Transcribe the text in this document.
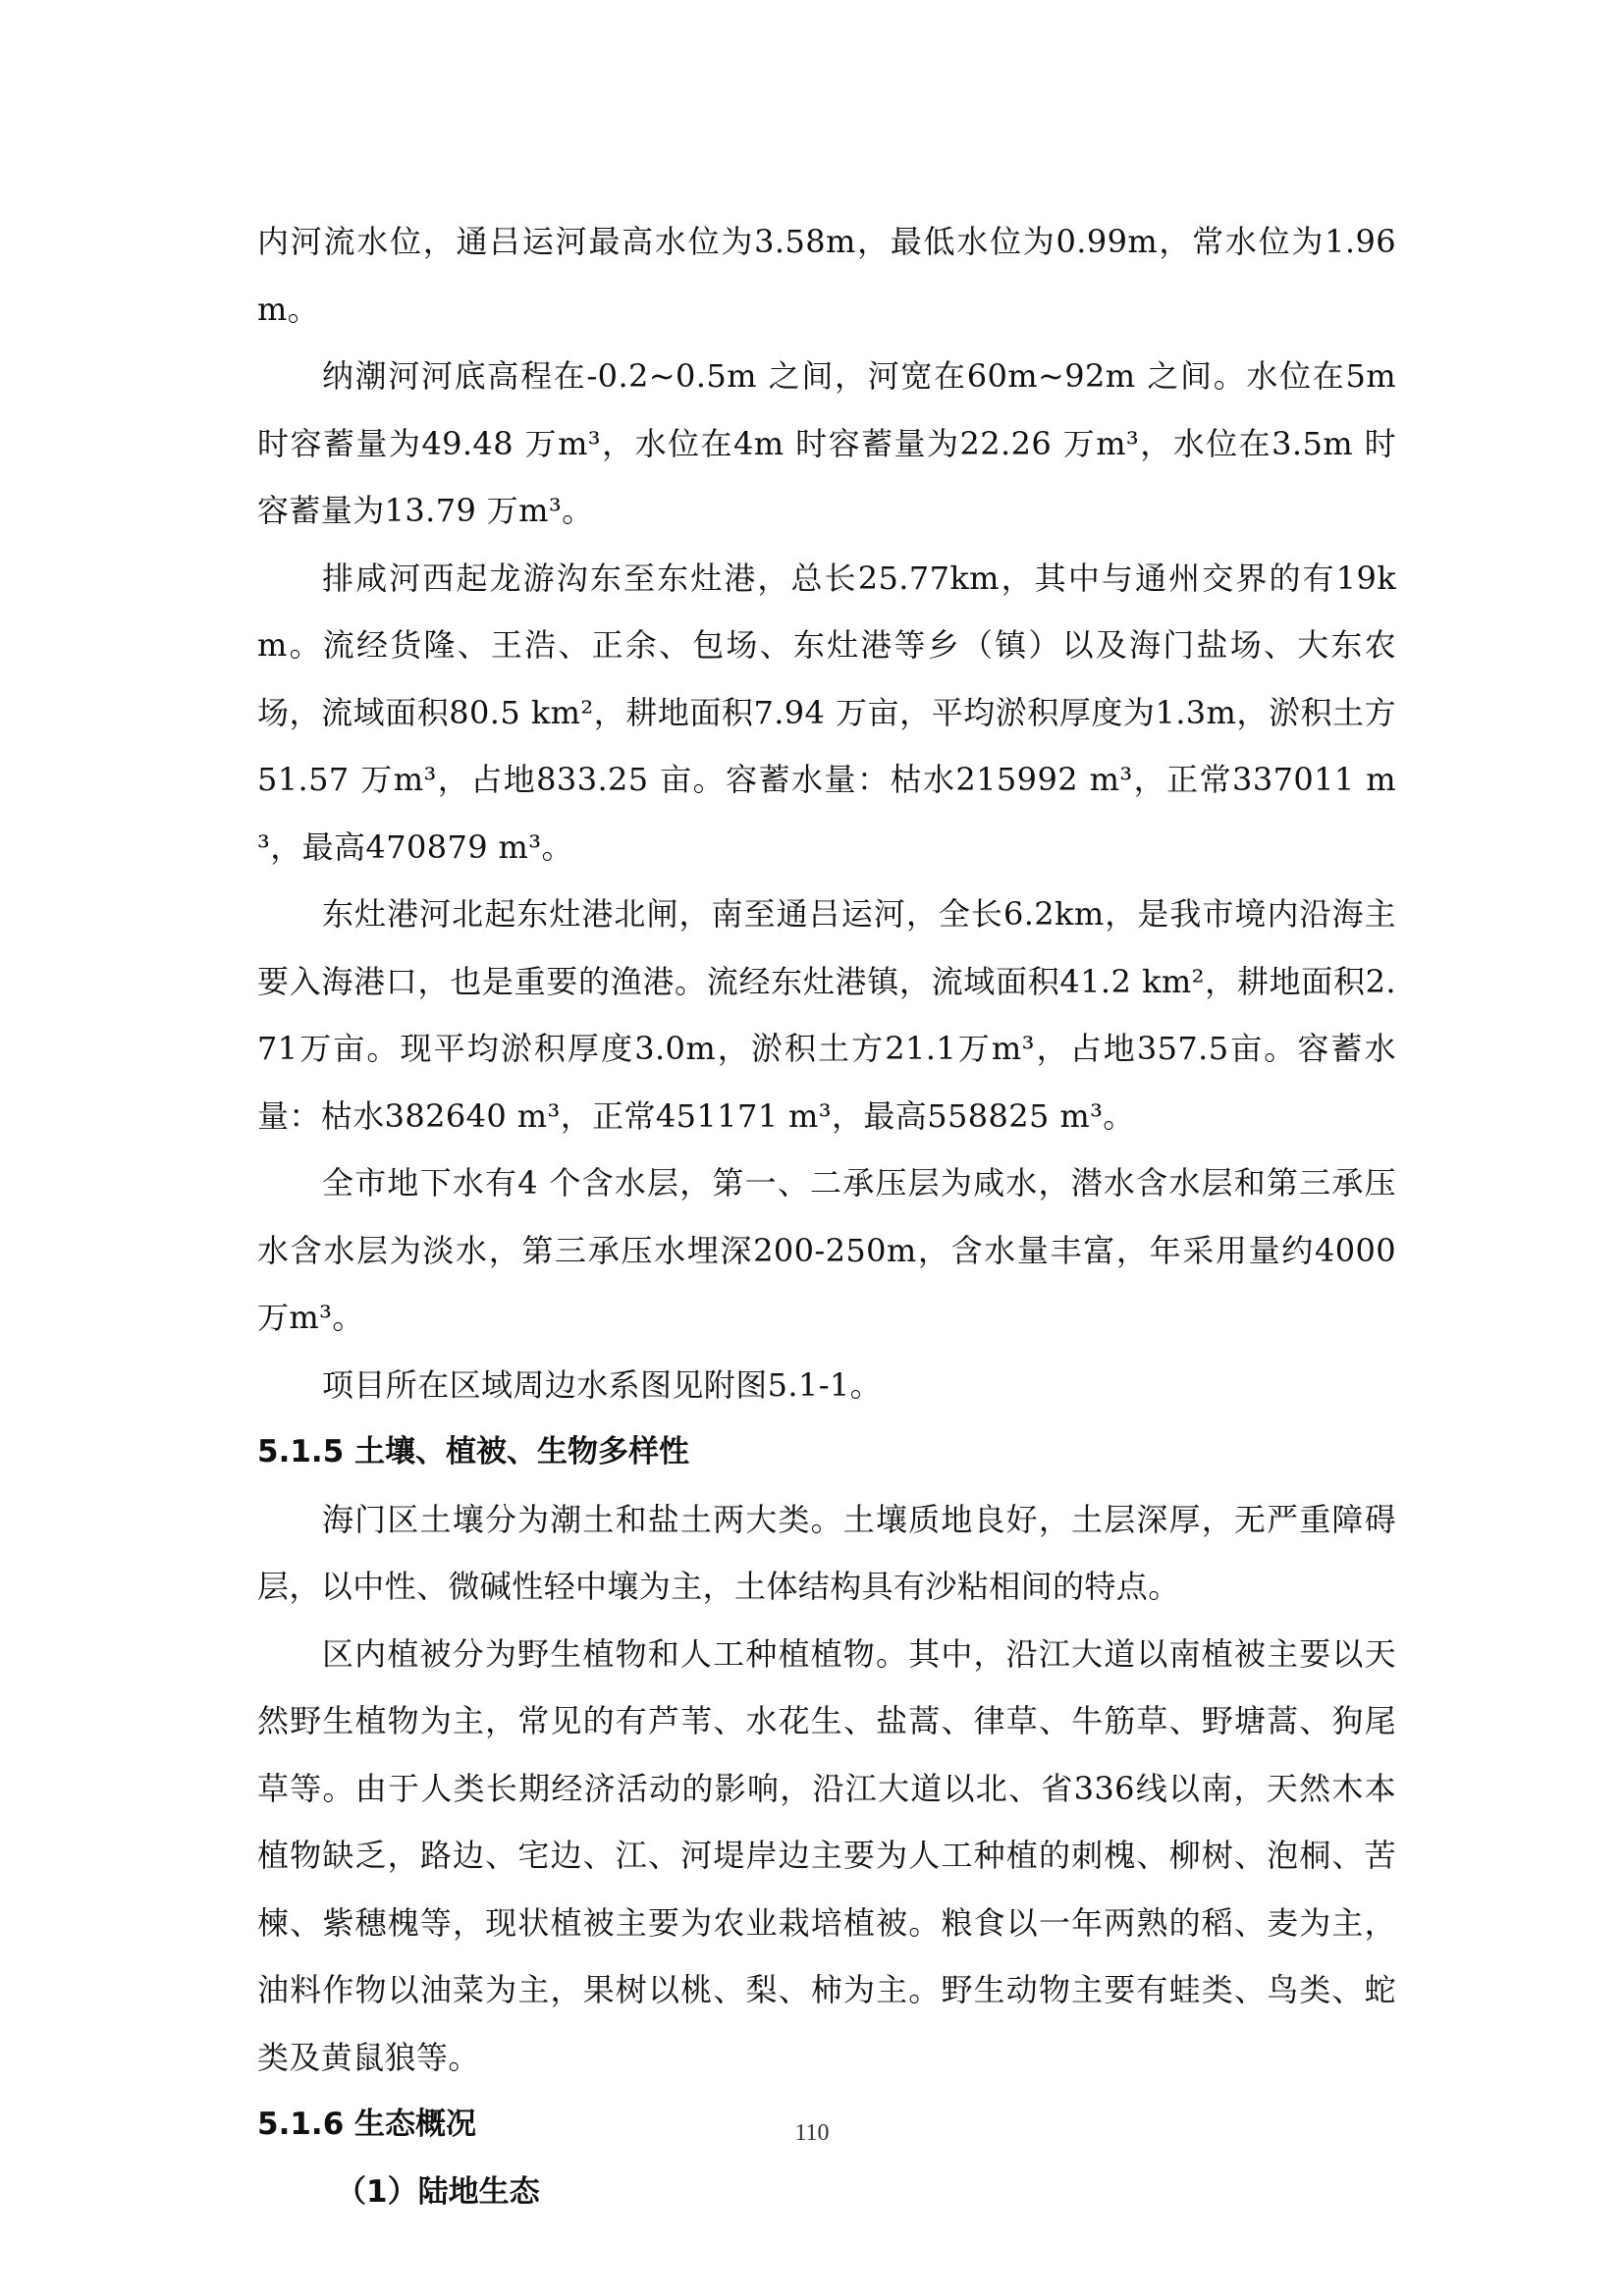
内河流水位，通吕运河最高水位为3.58m，最低水位为0.99m，常水位为1.96m。

纳潮河河底高程在-0.2~0.5m 之间，河宽在60m~92m 之间。水位在5m时容蓄量为49.48 万m³，水位在4m 时容蓄量为22.26 万m³，水位在3.5m 时容蓄量为13.79 万m³。

排咸河西起龙游沟东至东灶港，总长25.77km，其中与通州交界的有19km。流经货隆、王浩、正余、包场、东灶港等乡（镇）以及海门盐场、大东农场，流域面积80.5 km²，耕地面积7.94 万亩，平均淤积厚度为1.3m，淤积土方51.57 万m³，占地833.25 亩。容蓄水量：枯水215992 m³，正常337011 m³，最高470879 m³。

东灶港河北起东灶港北闸，南至通吕运河，全长6.2km，是我市境内沿海主要入海港口，也是重要的渔港。流经东灶港镇，流域面积41.2 km²，耕地面积2.71万亩。现平均淤积厚度3.0m，淤积土方21.1万m³，占地357.5亩。容蓄水量：枯水382640 m³，正常451171 m³，最高558825 m³。

全市地下水有4 个含水层，第一、二承压层为咸水，潜水含水层和第三承压水含水层为淡水，第三承压水埋深200-250m，含水量丰富，年采用量约4000 万m³。

项目所在区域周边水系图见附图5.1-1。

5.1.5 土壤、植被、生物多样性

海门区土壤分为潮土和盐土两大类。土壤质地良好，土层深厚，无严重障碍层，以中性、微碱性轻中壤为主，土体结构具有沙粘相间的特点。

区内植被分为野生植物和人工种植植物。其中，沿江大道以南植被主要以天然野生植物为主，常见的有芦苇、水花生、盐蒿、律草、牛筋草、野塘蒿、狗尾草等。由于人类长期经济活动的影响，沿江大道以北、省336线以南，天然木本植物缺乏，路边、宅边、江、河堤岸边主要为人工种植的刺槐、柳树、泡桐、苦楝、紫穗槐等，现状植被主要为农业栽培植被。粮食以一年两熟的稻、麦为主，油料作物以油菜为主，果树以桃、梨、柿为主。野生动物主要有蛙类、鸟类、蛇类及黄鼠狼等。

5.1.6 生态概况
（1）陆地生态
110
